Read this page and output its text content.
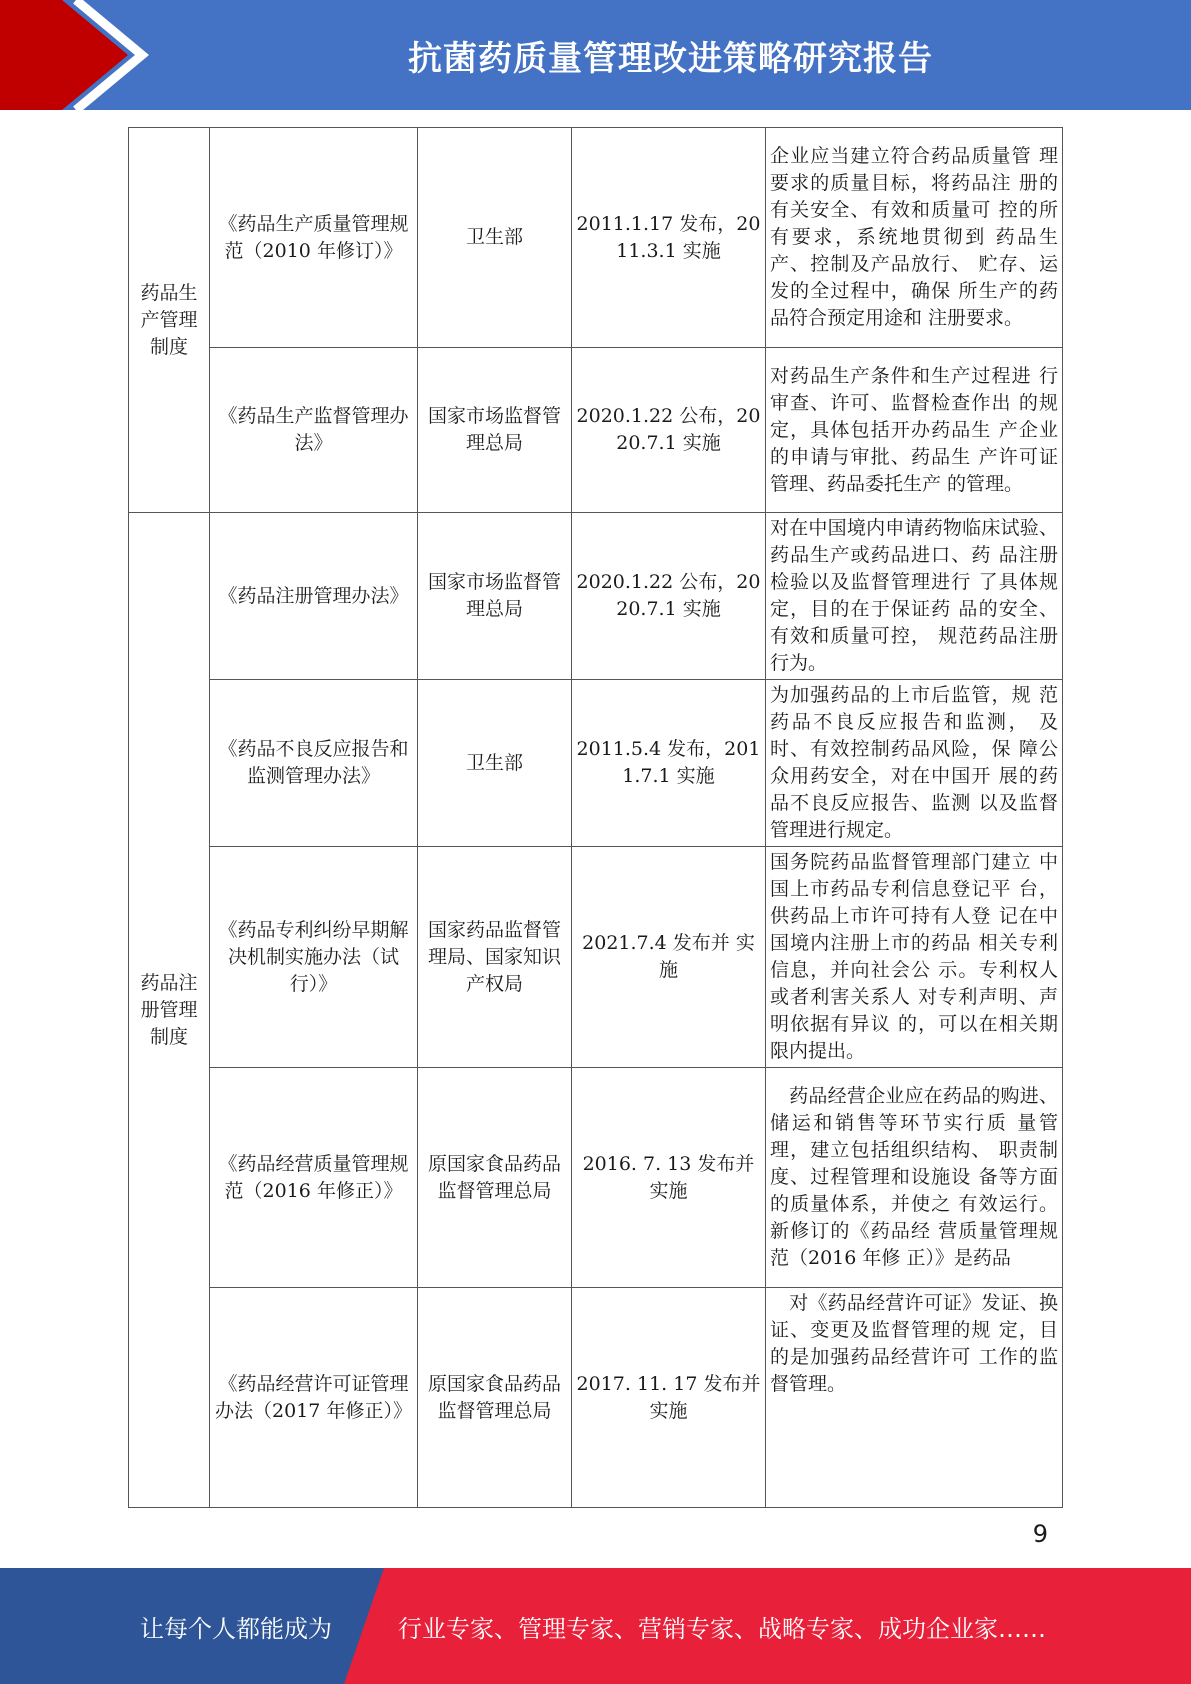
抗菌药质量管理改进策略研究报告
药品生产管理制度	《药品生产质量管理规范（2010 年修订）》	卫生部	2011.1.17 发布，2011.3.1 实施	企业应当建立符合药品质量管 理要求的质量目标，将药品注 册的有关安全、有效和质量可 控的所有要求，系统地贯彻到 药品生产、控制及产品放行、 贮存、运发的全过程中，确保 所生产的药品符合预定用途和 注册要求。
	《药品生产监督管理办法》	国家市场监督管理总局	2020.1.22 公布，2020.7.1 实施	对药品生产条件和生产过程进 行审查、许可、监督检查作出 的规定，具体包括开办药品生 产企业的申请与审批、药品生 产许可证管理、药品委托生产 的管理。
药品注册管理制度	《药品注册管理办法》	国家市场监督管理总局	2020.1.22 公布，2020.7.1 实施	对在中国境内申请药物临床试验、药品生产或药品进口、药 品注册检验以及监督管理进行 了具体规定，目的在于保证药 品的安全、有效和质量可控， 规范药品注册行为。
	《药品不良反应报告和监测管理办法》	卫生部	2011.5.4 发布，2011.7.1 实施	为加强药品的上市后监管，规 范药品不良反应报告和监测， 及时、有效控制药品风险，保 障公众用药安全，对在中国开 展的药品不良反应报告、监测 以及监督管理进行规定。
	《药品专利纠纷早期解决机制实施办法（试行）》	国家药品监督管理局、国家知识产权局	2021.7.4 发布并 实施	国务院药品监督管理部门建立 中国上市药品专利信息登记平 台，供药品上市许可持有人登 记在中国境内注册上市的药品 相关专利信息，并向社会公 示。专利权人或者利害关系人 对专利声明、声明依据有异议 的，可以在相关期限内提出。
	《药品经营质量管理规范（2016 年修正）》	原国家食品药品监督管理总局	2016. 7. 13 发布并实施	　药品经营企业应在药品的购进、储运和销售等环节实行质 量管理，建立包括组织结构、 职责制度、过程管理和设施设 备等方面的质量体系，并使之 有效运行。新修订的《药品经 营质量管理规范（2016 年修 正）》是药品
	《药品经营许可证管理办法（2017 年修正）》	原国家食品药品监督管理总局	2017. 11. 17 发布并实施	　对《药品经营许可证》发证、换证、变更及监督管理的规 定，目的是加强药品经营许可 工作的监督管理。
9
让每个人都能成为	行业专家、管理专家、营销专家、战略专家、成功企业家……
